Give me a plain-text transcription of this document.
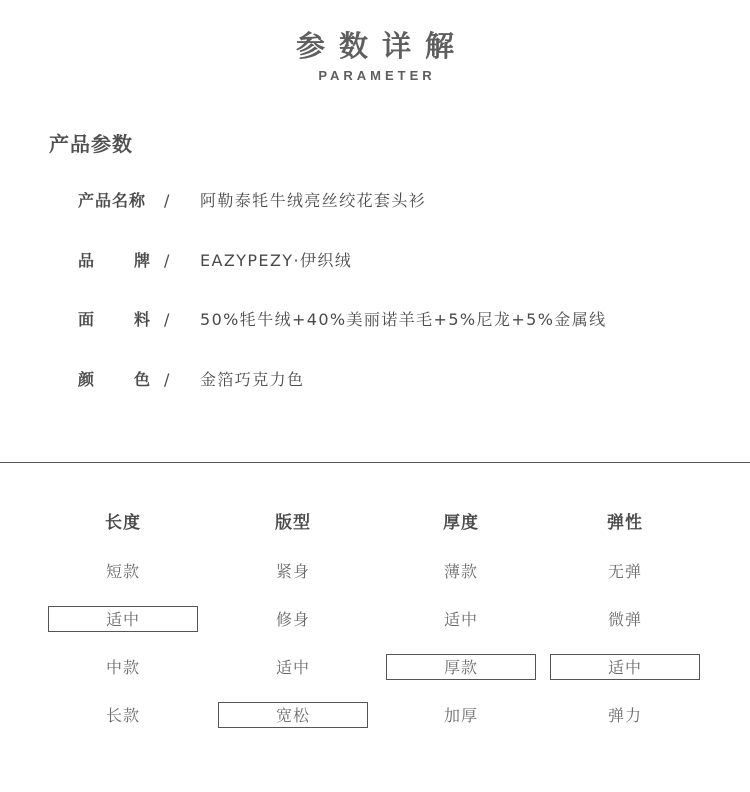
参数详解
PARAMETER
产品参数
产品名称 / 阿勒泰牦牛绒亮丝绞花套头衫
品 牌 / EAZYPEZY·伊织绒
面 料 / 50%牦牛绒+40%美丽诺羊毛+5%尼龙+5%金属线
颜 色 / 金箔巧克力色
长度
短款
适中
中款
长款
版型
紧身
修身
适中
宽松
厚度
薄款
适中
厚款
加厚
弹性
无弹
微弹
适中
弹力
